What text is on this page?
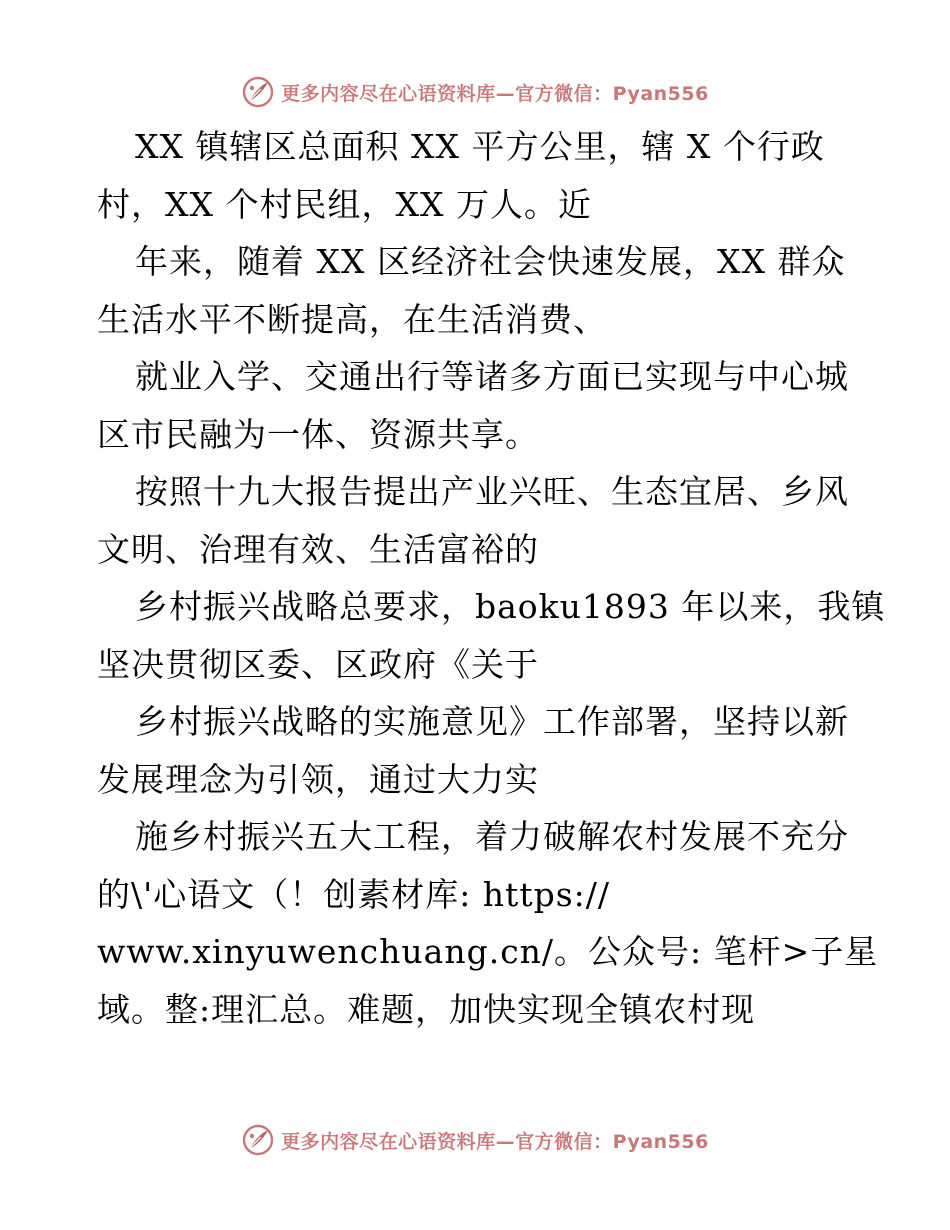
更多内容尽在心语资料库—官方微信：Pyan556
XX 镇辖区总面积 XX 平方公里，辖 X 个行政
村，XX 个村民组，XX 万人。近
年来，随着 XX 区经济社会快速发展，XX 群众
生活水平不断提高，在生活消费、
就业入学、交通出行等诸多方面已实现与中心城
区市民融为一体、资源共享。
按照十九大报告提出产业兴旺、生态宜居、乡风
文明、治理有效、生活富裕的
乡村振兴战略总要求，baoku1893 年以来，我镇
坚决贯彻区委、区政府《关于
乡村振兴战略的实施意见》工作部署，坚持以新
发展理念为引领，通过大力实
施乡村振兴五大工程，着力破解农村发展不充分
的\'心语文（！创素材库: https://
www.xinyuwenchuang.cn/。公众号: 笔杆>子星
域。整:理汇总。难题，加快实现全镇农村现
更多内容尽在心语资料库—官方微信：Pyan556
